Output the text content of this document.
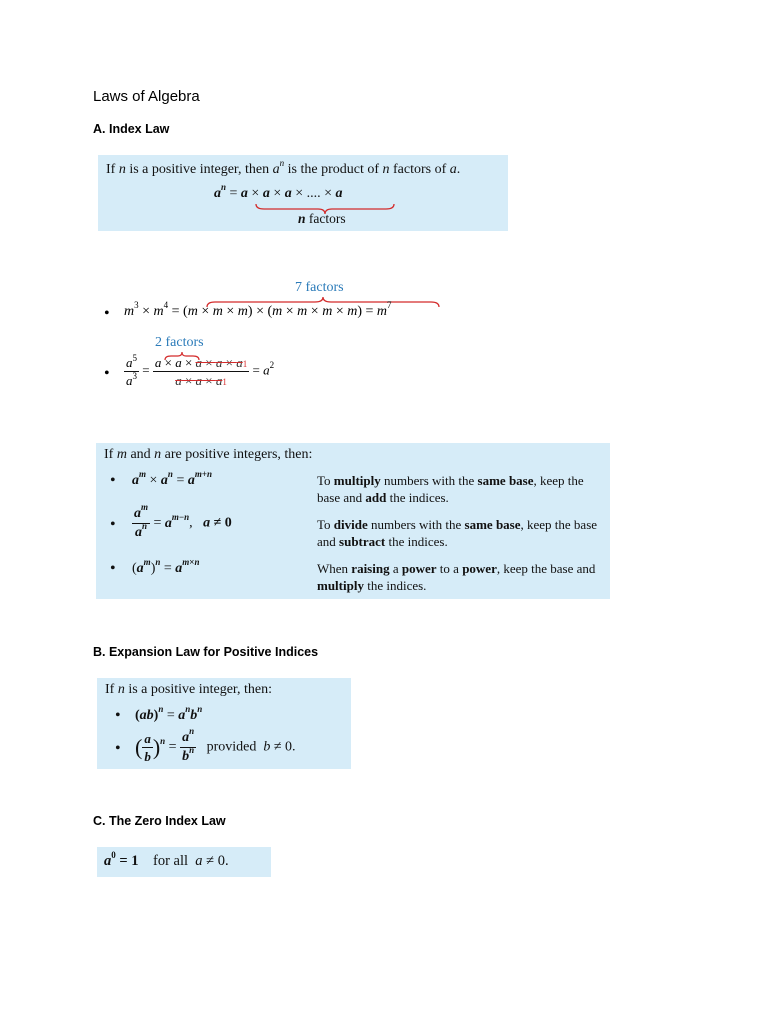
Laws of Algebra
A. Index Law
If n is a positive integer, then $a^n$ is the product of n factors of a.
$a^n = a \times a \times a$ × .... × a
n factors
•
7 factors
$m^3 \times m^4 = (m \times m \times m) \times (m \times m \times m \times m) = m^7$
•
2 factors
$\frac{a^5}{a^3} = \frac{a \times a \times a \times a \times a1}{a \times a \times a1} = a^2$
If m and n are positive integers, then:
• $a^m \times a^n = a^{m+n}$	To multiply numbers with the same base, keep the base and add the indices.
• $\frac{a^m}{a^n} = a^{m-n}$,   a ≠ 0	To divide numbers with the same base, keep the base and subtract the indices.
• $(a^m)^n = a^{m\times n}$	When raising a power to a power, keep the base and multiply the indices.
B. Expansion Law for Positive Indices
If n is a positive integer, then:
• $(ab)^n = a^nb^n$
• ( $\frac{a}{b} )^n = \frac{a^n}{b^n}$ provided  b ≠ 0.
C. The Zero Index Law
$a^0 = 1$    for all  a ≠ 0.
